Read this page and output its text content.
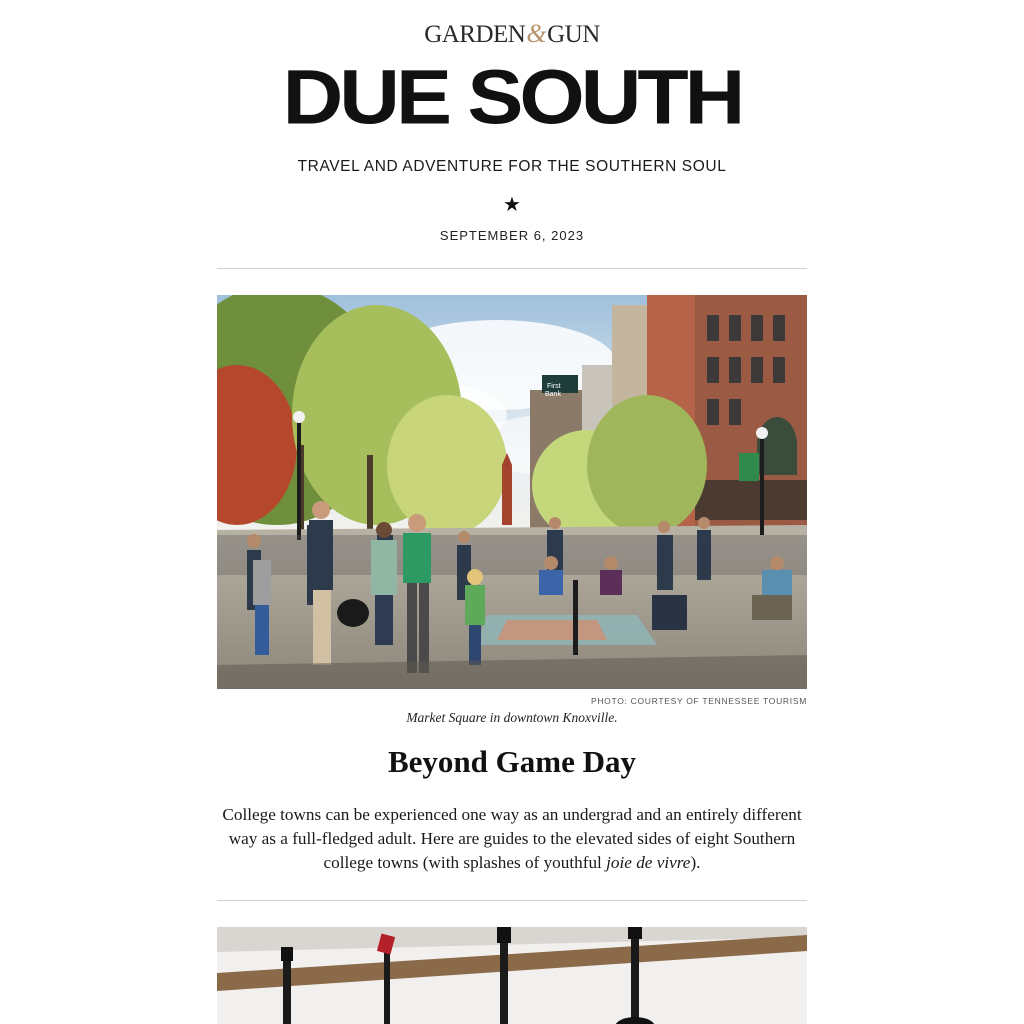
GARDEN&GUN
DUE SOUTH
TRAVEL AND ADVENTURE FOR THE SOUTHERN SOUL
★
SEPTEMBER 6, 2023
First
Bank
PHOTO: COURTESY OF TENNESSEE TOURISM
Market Square in downtown Knoxville.
Beyond Game Day
College towns can be experienced one way as an undergrad and an entirely different way as a full-fledged adult. Here are guides to the elevated sides of eight Southern college towns (with splashes of youthful joie de vivre).
